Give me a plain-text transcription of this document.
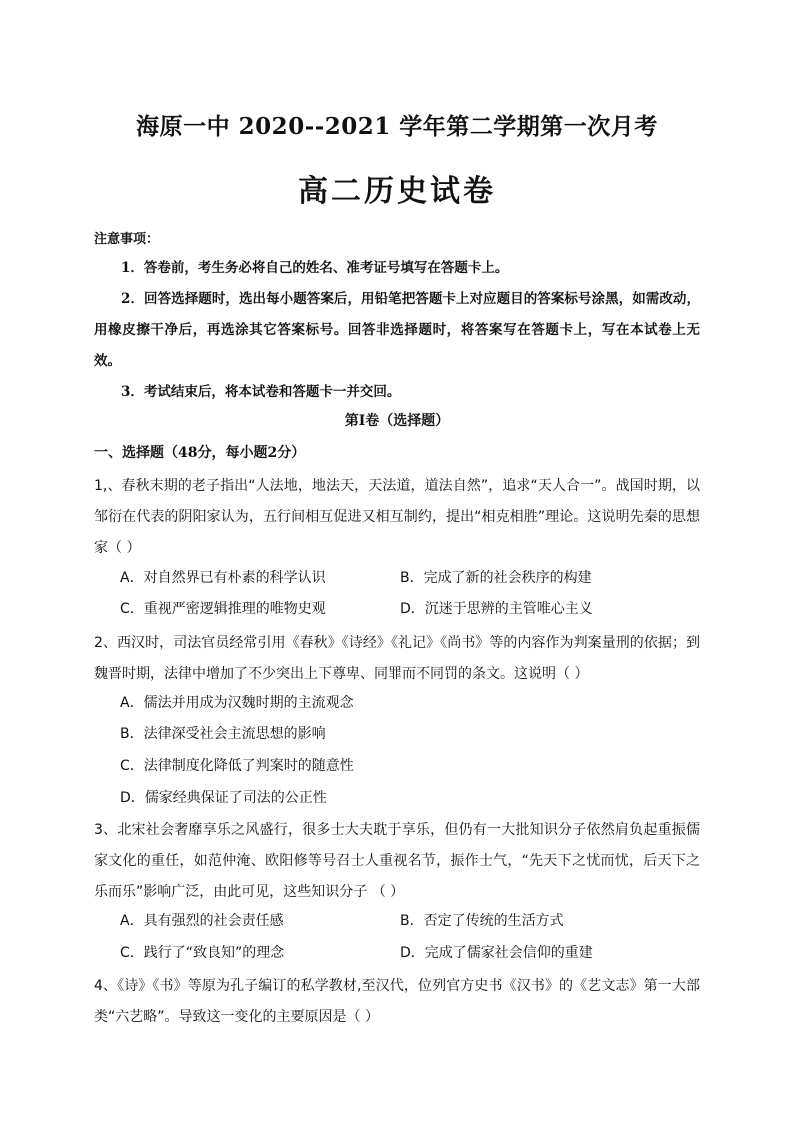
海原一中 2020--2021 学年第二学期第一次月考
高二历史试卷
注意事项：
1．答卷前，考生务必将自己的姓名、准考证号填写在答题卡上。
2．回答选择题时，选出每小题答案后，用铅笔把答题卡上对应题目的答案标号涂黑，如需改动，用橡皮擦干净后，再选涂其它答案标号。回答非选择题时，将答案写在答题卡上，写在本试卷上无效。
3．考试结束后，将本试卷和答题卡一并交回。
第Ⅰ卷（选择题）
一、选择题（48分，每小题2分）
1,、春秋末期的老子指出“人法地，地法天，天法道，道法自然”，追求“天人合一”。战国时期，以邹衍在代表的阴阳家认为，五行间相互促进又相互制约，提出“相克相胜”理论。这说明先秦的思想家（ ）
A．对自然界已有朴素的科学认识	B．完成了新的社会秩序的构建
C．重视严密逻辑推理的唯物史观	D．沉迷于思辨的主管唯心主义
2、西汉时，司法官员经常引用《春秋》《诗经》《礼记》《尚书》等的内容作为判案量刑的依据；到魏晋时期，法律中增加了不少突出上下尊卑、同罪而不同罚的条文。这说明（ ）
A．儒法并用成为汉魏时期的主流观念
B．法律深受社会主流思想的影响
C．法律制度化降低了判案时的随意性
D．儒家经典保证了司法的公正性
3、北宋社会奢靡享乐之风盛行，很多士大夫耽于享乐，但仍有一大批知识分子依然肩负起重振儒家文化的重任，如范仲淹、欧阳修等号召士人重视名节，振作士气，“先天下之忧而忧，后天下之乐而乐”影响广泛，由此可见，这些知识分子 （ ）
A．具有强烈的社会责任感	B．否定了传统的生活方式
C．践行了“致良知”的理念	D．完成了儒家社会信仰的重建
4、《诗》《书》等原为孔子编订的私学教材,至汉代，位列官方史书《汉书》的《艺文志》第一大部类“六艺略”。导致这一变化的主要原因是（ ）
